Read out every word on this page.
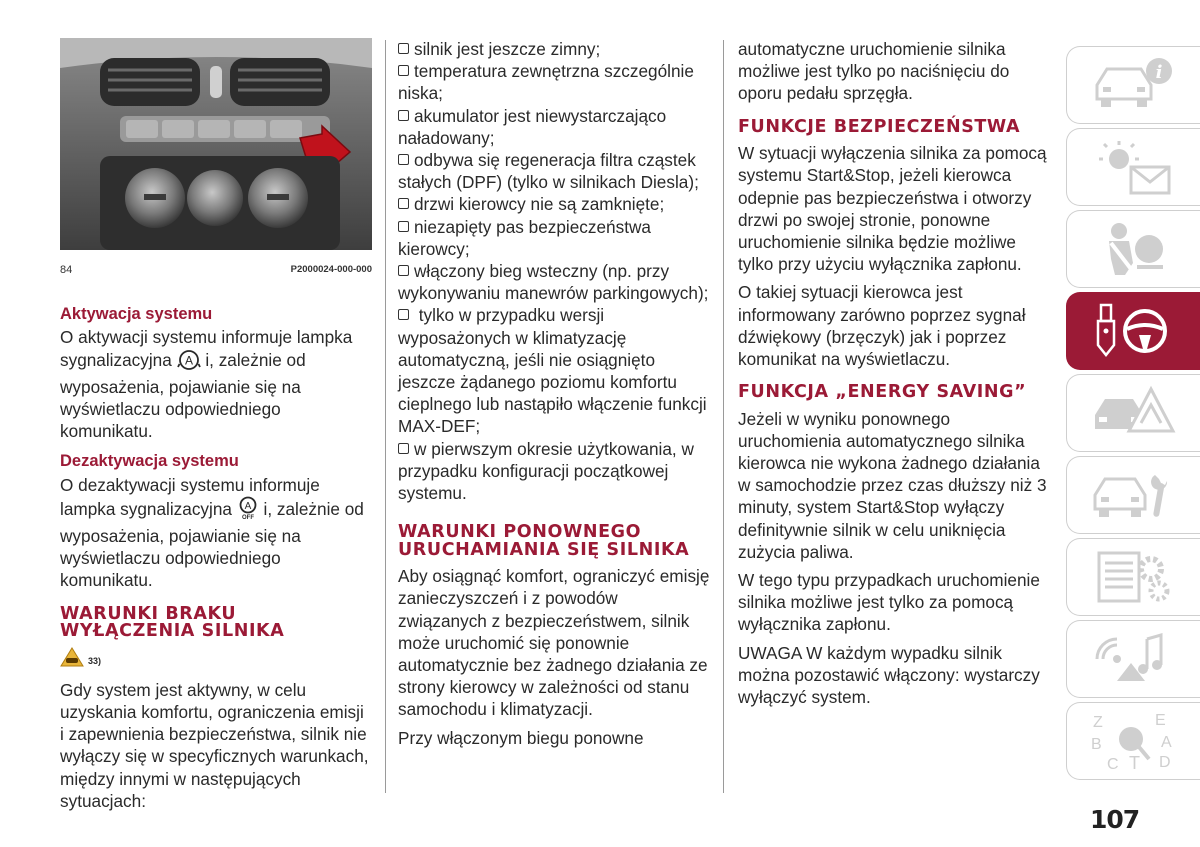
84	P2000024-000-000
Aktywacja systemu

O aktywacji systemu informuje lampka sygnalizacyjna A i, zależnie od wyposażenia, pojawianie się na wyświetlaczu odpowiedniego komunikatu.

Dezaktywacja systemu

O dezaktywacji systemu informuje lampka sygnalizacyjna A
OFF i, zależnie od wyposażenia, pojawianie się na wyświetlaczu odpowiedniego komunikatu.

WARUNKI BRAKU WYŁĄCZENIA SILNIKA
33)

Gdy system jest aktywny, w celu uzyskania komfortu, ograniczenia emisji i zapewnienia bezpieczeństwa, silnik nie wyłączy się w specyficznych warunkach, między innymi w następujących sytuacjach:

silnik jest jeszcze zimny;

temperatura zewnętrzna szczególnie niska;

akumulator jest niewystarczająco naładowany;

odbywa się regeneracja filtra cząstek stałych (DPF) (tylko w silnikach Diesla);

drzwi kierowcy nie są zamknięte;

niezapięty pas bezpieczeństwa kierowcy;

włączony bieg wsteczny (np. przy wykonywaniu manewrów parkingowych);

tylko w przypadku wersji wyposażonych w klimatyzację automatyczną, jeśli nie osiągnięto jeszcze żądanego poziomu komfortu cieplnego lub nastąpiło włączenie funkcji MAX-DEF;

w pierwszym okresie użytkowania, w przypadku konfiguracji początkowej systemu.

WARUNKI PONOWNEGO URUCHAMIANIA SIĘ SILNIKA

Aby osiągnąć komfort, ograniczyć emisję zanieczyszczeń i z powodów związanych z bezpieczeństwem, silnik może uruchomić się ponownie automatycznie bez żadnego działania ze strony kierowcy w zależności od stanu samochodu i klimatyzacji.

Przy włączonym biegu ponowne

automatyczne uruchomienie silnika możliwe jest tylko po naciśnięciu do oporu pedału sprzęgła.

FUNKCJE BEZPIECZEŃSTWA

W sytuacji wyłączenia silnika za pomocą systemu Start&Stop, jeżeli kierowca odepnie pas bezpieczeństwa i otworzy drzwi po swojej stronie, ponowne uruchomienie silnika będzie możliwe tylko przy użyciu wyłącznika zapłonu.

O takiej sytuacji kierowca jest informowany zarówno poprzez sygnał dźwiękowy (brzęczyk) jak i poprzez komunikat na wyświetlaczu.

FUNKCJA „ENERGY SAVING”

Jeżeli w wyniku ponownego uruchomienia automatycznego silnika kierowca nie wykona żadnego działania w samochodzie przez czas dłuższy niż 3 minuty, system Start&Stop wyłączy definitywnie silnik w celu uniknięcia zużycia paliwa.

W tego typu przypadkach uruchomienie silnika możliwe jest tylko za pomocą wyłącznika zapłonu.

UWAGA W każdym wypadku silnik można pozostawić włączony: wystarczy wyłączyć system.

i
Z	E
B	A
C	D
T
107
